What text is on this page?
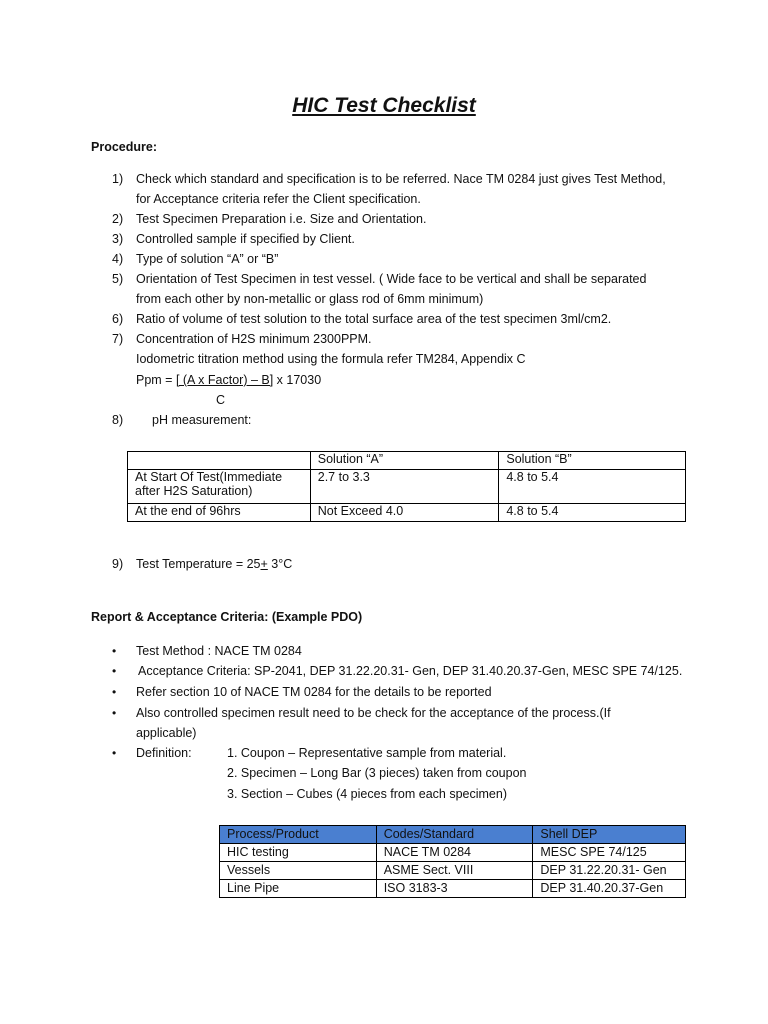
HIC Test Checklist
Procedure:
1) Check which standard and specification is to be referred. Nace TM 0284 just gives Test Method,
for Acceptance criteria refer the Client specification.
2) Test Specimen Preparation i.e. Size and Orientation.
3) Controlled sample if specified by Client.
4) Type of solution “A” or “B”
5) Orientation of Test Specimen in test vessel. ( Wide face to be vertical and shall be separated
from each other by non-metallic or glass rod of 6mm minimum)
6) Ratio of volume of test solution to the total surface area of the test specimen 3ml/cm2.
7) Concentration of H2S minimum 2300PPM.
Iodometric titration method using the formula refer TM284, Appendix C
Ppm = [ (A x Factor) – B] x 17030
C
8) pH measurement:
	Solution “A”	Solution “B”
At Start Of Test(Immediate after H2S Saturation)	2.7 to 3.3	4.8 to 5.4
At the end of 96hrs	Not Exceed 4.0	4.8 to 5.4
9) Test Temperature = 25+ 3°C
Report & Acceptance Criteria: (Example PDO)
• Test Method : NACE TM 0284
• Acceptance Criteria: SP-2041, DEP 31.22.20.31- Gen, DEP 31.40.20.37-Gen, MESC SPE 74/125.
• Refer section 10 of NACE TM 0284 for the details to be reported
• Also controlled specimen result need to be check for the acceptance of the process.(If
applicable)
• Definition:	1. Coupon – Representative sample from material.
2. Specimen – Long Bar (3 pieces) taken from coupon
3. Section – Cubes (4 pieces from each specimen)
Process/Product	Codes/Standard	Shell DEP
HIC testing	NACE TM 0284	MESC SPE 74/125
Vessels	ASME Sect. VIII	DEP 31.22.20.31- Gen
Line Pipe	ISO 3183-3	DEP 31.40.20.37-Gen
